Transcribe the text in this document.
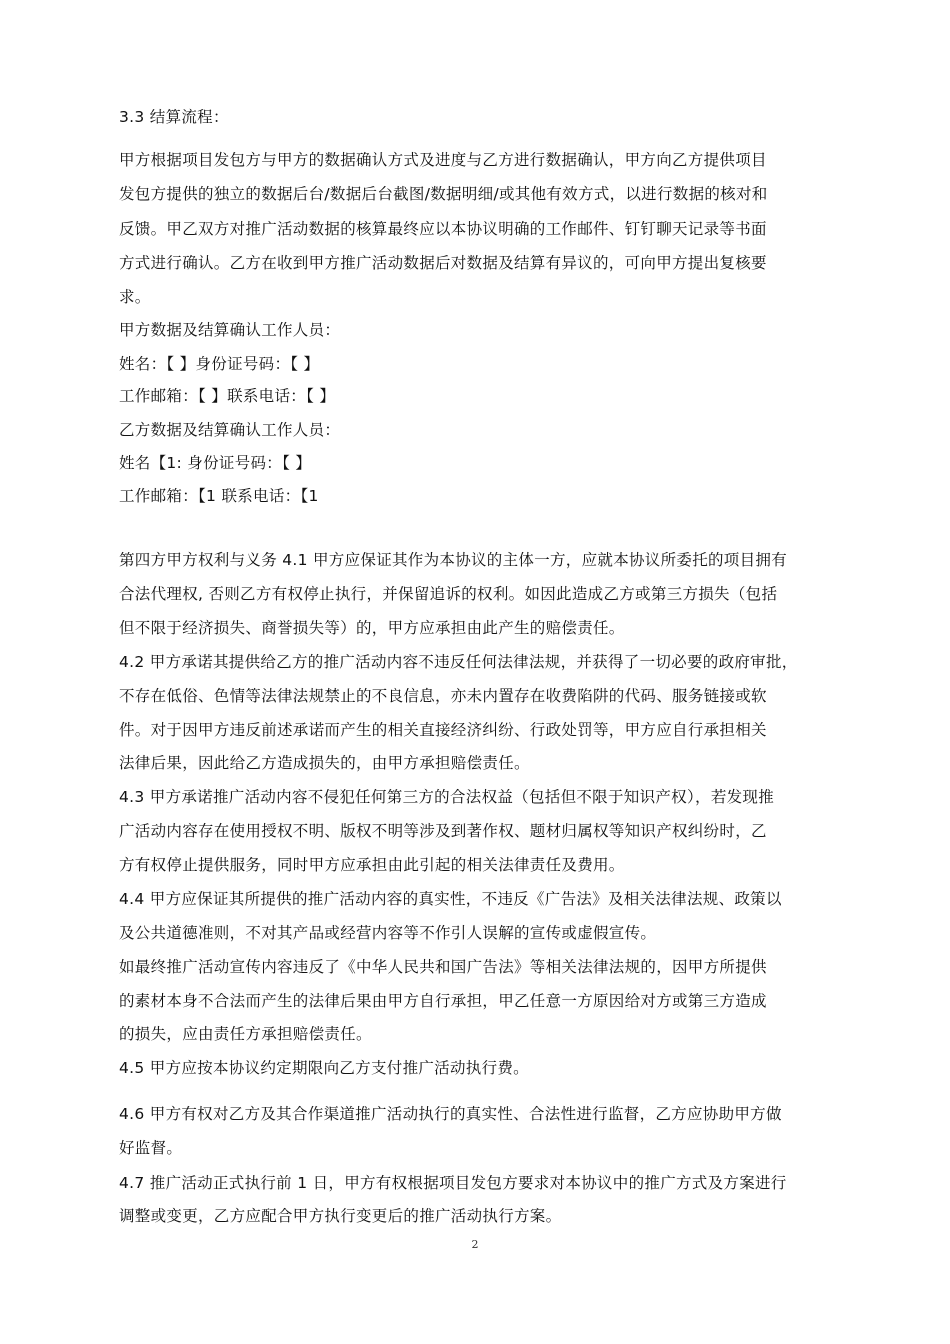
3.3 结算流程：
甲方根据项目发包方与甲方的数据确认方式及进度与乙方进行数据确认，甲方向乙方提供项目
发包方提供的独立的数据后台/数据后台截图/数据明细/或其他有效方式，以进行数据的核对和
反馈。甲乙双方对推广活动数据的核算最终应以本协议明确的工作邮件、钉钉聊天记录等书面
方式进行确认。乙方在收到甲方推广活动数据后对数据及结算有异议的，可向甲方提出复核要
求。
甲方数据及结算确认工作人员：
姓名：【 】身份证号码：【 】
工作邮箱：【 】联系电话：【 】
乙方数据及结算确认工作人员：
姓名【1: 身份证号码：【 】
工作邮箱：【1 联系电话：【1
第四方甲方权利与义务 4.1 甲方应保证其作为本协议的主体一方，应就本协议所委托的项目拥有
合法代理权, 否则乙方有权停止执行，并保留追诉的权利。如因此造成乙方或第三方损失（包括
但不限于经济损失、商誉损失等）的，甲方应承担由此产生的赔偿责任。
4.2 甲方承诺其提供给乙方的推广活动内容不违反任何法律法规，并获得了一切必要的政府审批，
不存在低俗、色情等法律法规禁止的不良信息，亦未内置存在收费陷阱的代码、服务链接或软
件。对于因甲方违反前述承诺而产生的相关直接经济纠纷、行政处罚等，甲方应自行承担相关
法律后果，因此给乙方造成损失的，由甲方承担赔偿责任。
4.3 甲方承诺推广活动内容不侵犯任何第三方的合法权益（包括但不限于知识产权），若发现推
广活动内容存在使用授权不明、版权不明等涉及到著作权、题材归属权等知识产权纠纷时，乙
方有权停止提供服务，同时甲方应承担由此引起的相关法律责任及费用。
4.4 甲方应保证其所提供的推广活动内容的真实性，不违反《广告法》及相关法律法规、政策以
及公共道德准则，不对其产品或经营内容等不作引人误解的宣传或虚假宣传。
如最终推广活动宣传内容违反了《中华人民共和国广告法》等相关法律法规的，因甲方所提供
的素材本身不合法而产生的法律后果由甲方自行承担，甲乙任意一方原因给对方或第三方造成
的损失，应由责任方承担赔偿责任。
4.5 甲方应按本协议约定期限向乙方支付推广活动执行费。
4.6 甲方有权对乙方及其合作渠道推广活动执行的真实性、合法性进行监督，乙方应协助甲方做
好监督。
4.7 推广活动正式执行前 1 日，甲方有权根据项目发包方要求对本协议中的推广方式及方案进行
调整或变更，乙方应配合甲方执行变更后的推广活动执行方案。
2
